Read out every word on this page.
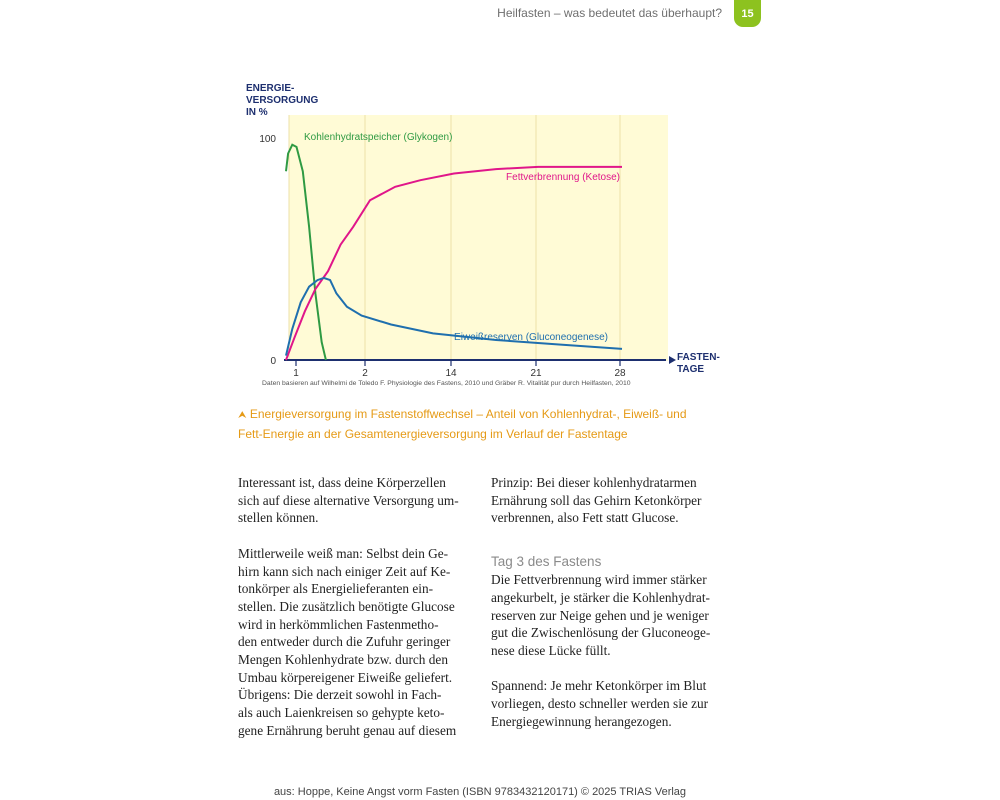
Heilfasten – was bedeutet das überhaupt?	15
ENERGIE-
VERSORGUNG
IN %
100
0
1	2	14	21	28
FASTEN-
TAGE
Kohlenhydratspeicher (Glykogen)
Fettverbrennung (Ketose)
Eiweißreserven (Gluconeogenese)
Daten basieren auf Wilhelmi de Toledo F. Physiologie des Fastens, 2010 und Gräber R. Vitalität pur durch Heilfasten, 2010
⮝ Energieversorgung im Fastenstoffwechsel – Anteil von Kohlenhydrat-, Eiweiß- und Fett-Energie an der Gesamtenergieversorgung im Verlauf der Fastentage

Interessant ist, dass deine Körperzellen
sich auf diese alternative Versorgung um-
stellen können.

Mittlerweile weiß man: Selbst dein Ge-
hirn kann sich nach einiger Zeit auf Ke-
tonkörper als Energielieferanten ein-
stellen. Die zusätzlich benötigte Glucose
wird in herkömmlichen Fastenmetho-
den entweder durch die Zufuhr geringer
Mengen Kohlenhydrate bzw. durch den
Umbau körpereigener Eiweiße geliefert.
Übrigens: Die derzeit sowohl in Fach-
als auch Laienkreisen so gehypte keto-
gene Ernährung beruht genau auf diesem

Prinzip: Bei dieser kohlenhydratarmen
Ernährung soll das Gehirn Ketonkörper
verbrennen, also Fett statt Glucose.

Tag 3 des Fastens

Die Fettverbrennung wird immer stärker
angekurbelt, je stärker die Kohlenhydrat-
reserven zur Neige gehen und je weniger
gut die Zwischenlösung der Gluconeoge-
nese diese Lücke füllt.

Spannend: Je mehr Ketonkörper im Blut
vorliegen, desto schneller werden sie zur
Energiegewinnung herangezogen.

aus: Hoppe, Keine Angst vorm Fasten (ISBN 9783432120171) © 2025 TRIAS Verlag
